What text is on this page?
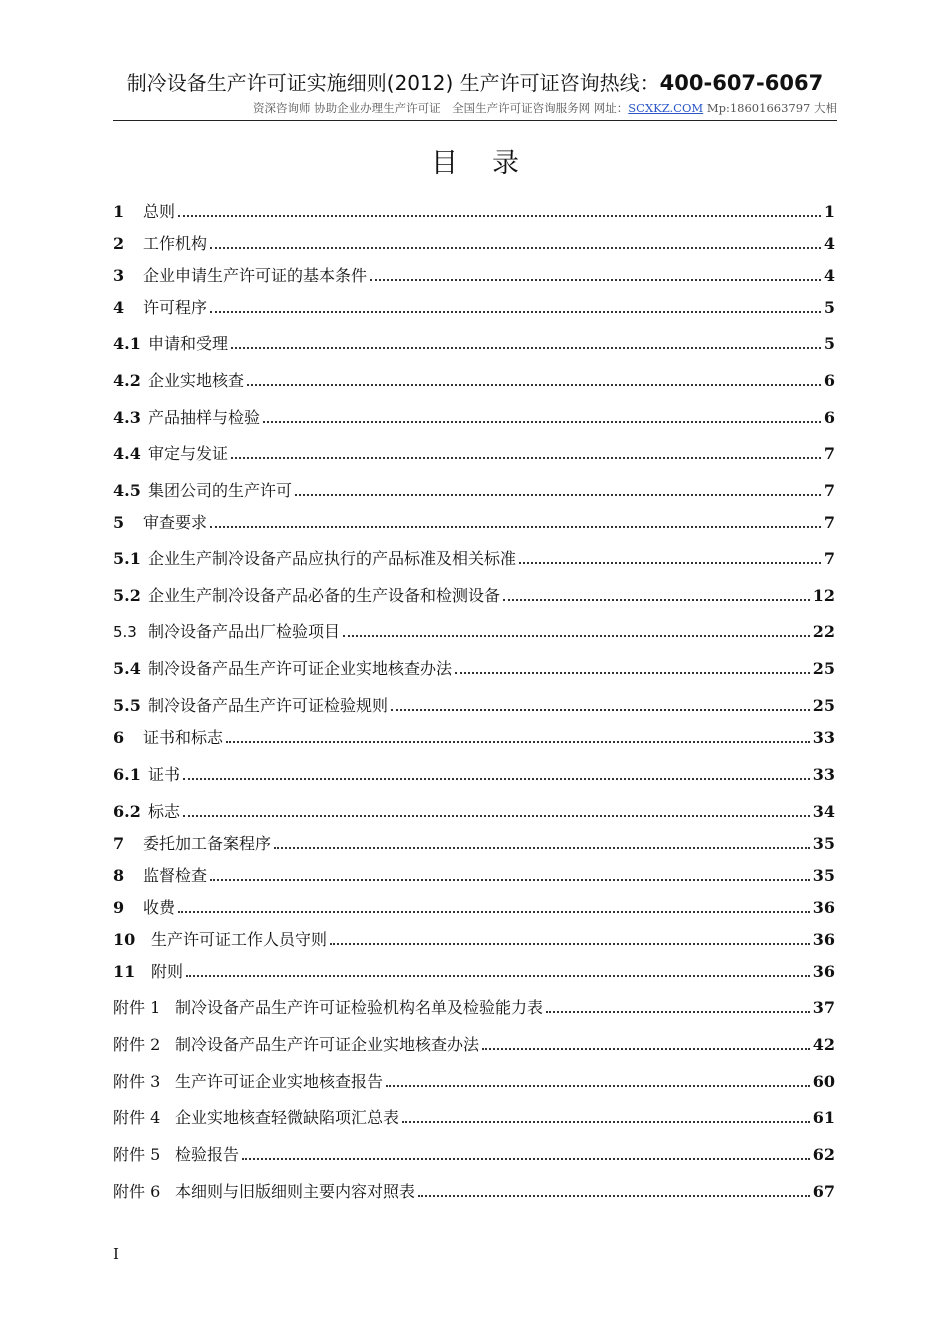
制冷设备生产许可证实施细则(2012) 生产许可证咨询热线：400-607-6067
资深咨询师 协助企业办理生产许可证　全国生产许可证咨询服务网 网址：SCXKZ.COM Mp:18601663797 大相
目录
1	总则	1
2	工作机构	4
3	企业申请生产许可证的基本条件	4
4	许可程序	5
4.1 申请和受理	5
4.2 企业实地核查	6
4.3 产品抽样与检验	6
4.4 审定与发证	7
4.5 集团公司的生产许可	7
5	审查要求	7
5.1 企业生产制冷设备产品应执行的产品标准及相关标准	7
5.2 企业生产制冷设备产品必备的生产设备和检测设备	12
5.3 制冷设备产品出厂检验项目	22
5.4 制冷设备产品生产许可证企业实地核查办法	25
5.5 制冷设备产品生产许可证检验规则	25
6	证书和标志	33
6.1 证书	33
6.2 标志	34
7	委托加工备案程序	35
8	监督检查	35
9	收费	36
10 生产许可证工作人员守则	36
11 附则	36
附件 1 制冷设备产品生产许可证检验机构名单及检验能力表	37
附件 2 制冷设备产品生产许可证企业实地核查办法	42
附件 3 生产许可证企业实地核查报告	60
附件 4 企业实地核查轻微缺陷项汇总表	61
附件 5 检验报告	62
附件 6 本细则与旧版细则主要内容对照表	67
I
